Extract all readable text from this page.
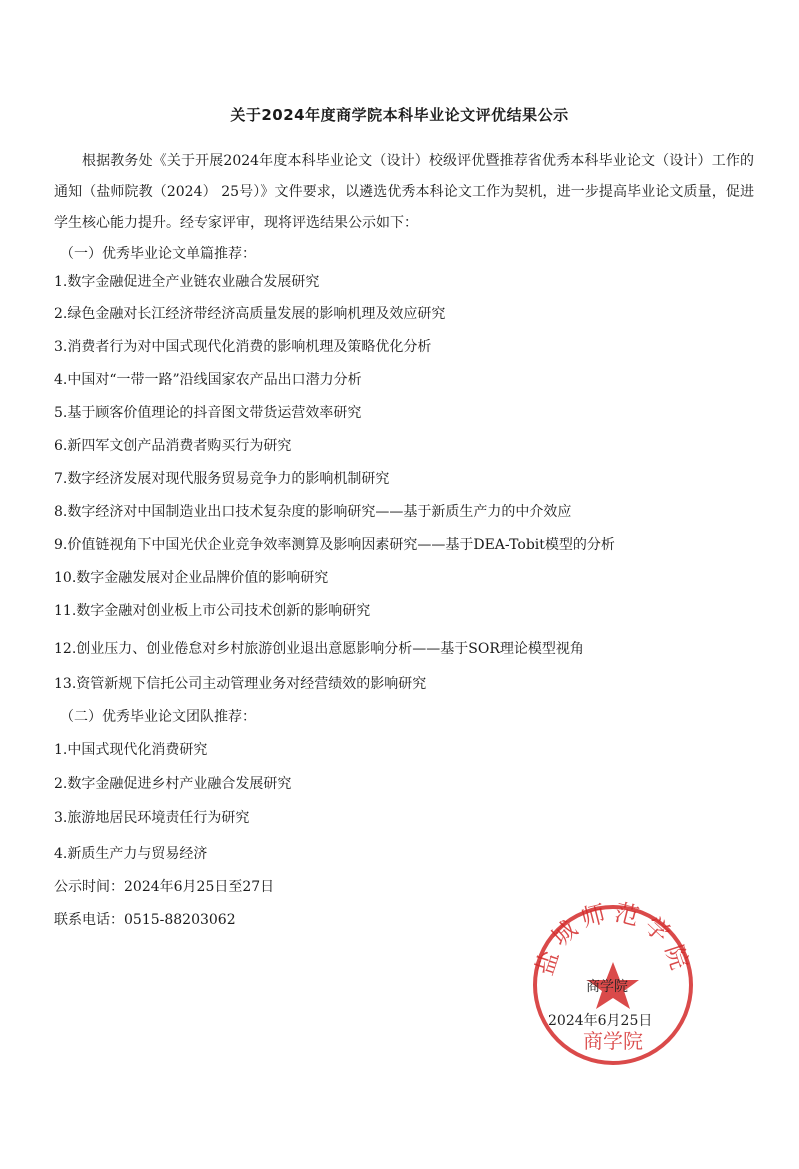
关于2024年度商学院本科毕业论文评优结果公示
根据教务处《关于开展2024年度本科毕业论文（设计）校级评优暨推荐省优秀本科毕业论文（设计）工作的通知（盐师院教（2024） 25号）》文件要求，以遴选优秀本科论文工作为契机，进一步提高毕业论文质量，促进学生核心能力提升。经专家评审，现将评选结果公示如下：
（一）优秀毕业论文单篇推荐：
1.数字金融促进全产业链农业融合发展研究
2.绿色金融对长江经济带经济高质量发展的影响机理及效应研究
3.消费者行为对中国式现代化消费的影响机理及策略优化分析
4.中国对“一带一路”沿线国家农产品出口潜力分析
5.基于顾客价值理论的抖音图文带货运营效率研究
6.新四军文创产品消费者购买行为研究
7.数字经济发展对现代服务贸易竞争力的影响机制研究
8.数字经济对中国制造业出口技术复杂度的影响研究——基于新质生产力的中介效应
9.价值链视角下中国光伏企业竞争效率测算及影响因素研究——基于DEA-Tobit模型的分析
10.数字金融发展对企业品牌价值的影响研究
11.数字金融对创业板上市公司技术创新的影响研究
12.创业压力、创业倦怠对乡村旅游创业退出意愿影响分析——基于SOR理论模型视角
13.资管新规下信托公司主动管理业务对经营绩效的影响研究
（二）优秀毕业论文团队推荐：
1.中国式现代化消费研究
2.数字金融促进乡村产业融合发展研究
3.旅游地居民环境责任行为研究
4.新质生产力与贸易经济
公示时间：2024年6月25日至27日
联系电话：0515-88203062
盐城师范学院
商学院
商学院
2024年6月25日
